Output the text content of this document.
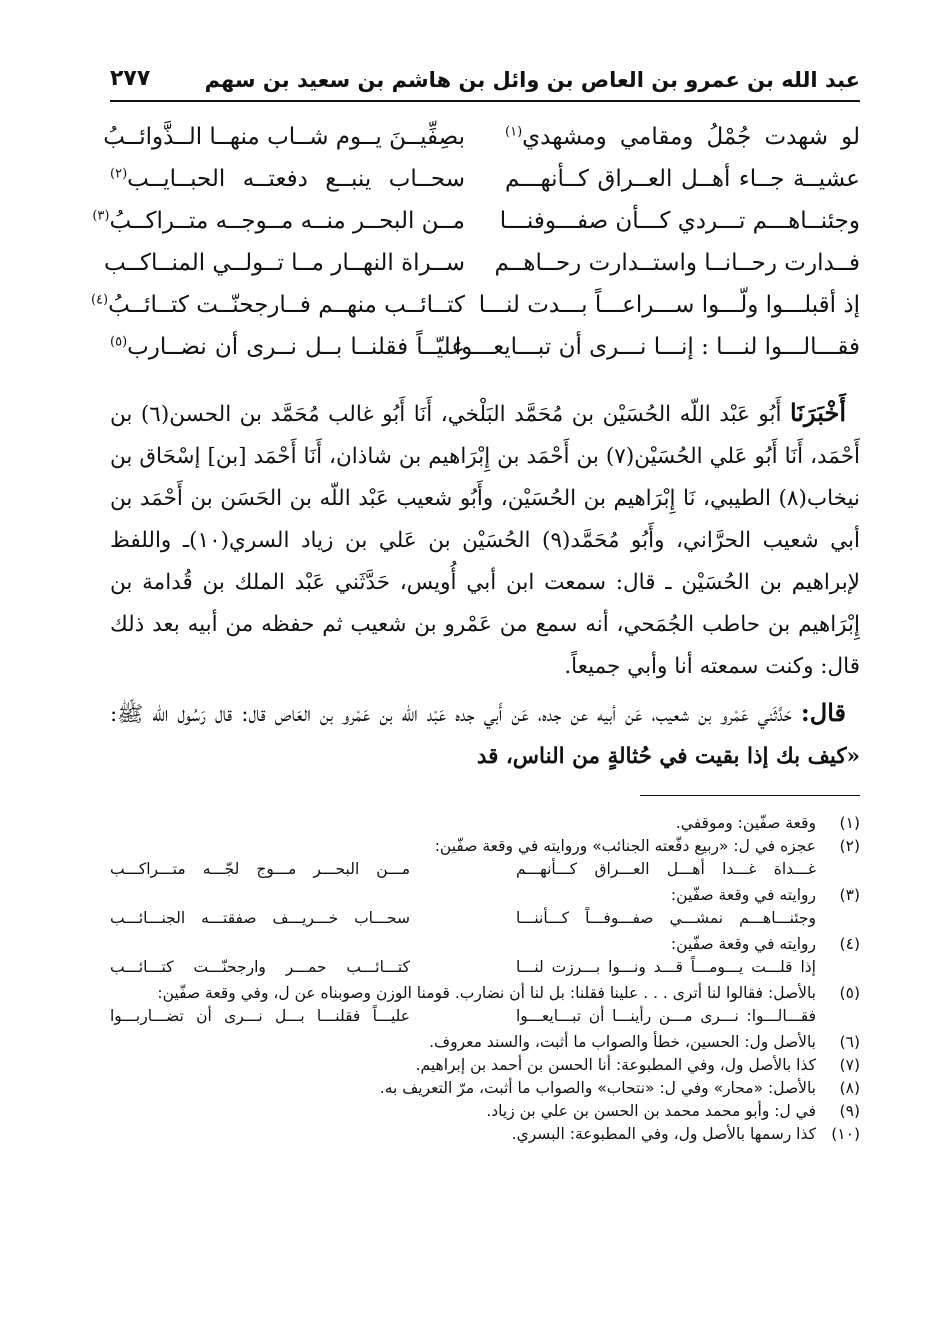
عبد الله بن عمرو بن العاص بن وائل بن هاشم بن سعيد بن سهم
٢٧٧
لو شهدت جُمْلُ ومقامي ومشهدي$^{(١)}$
بصِفِّيــنَ يــوم شــاب منهــا الــذَّوائــبُ
عشيــة جــاء أهــل العــراق كــأنهـــم
سحــاب ينبــع دفعتــه الحبــايــب$^{(٢)}$
وجئنــاهـــم تـــردي كـــأن صفـــوفنـــا
مــن البحــر منــه مــوجــه متــراكــبُ$^{(٣)}$
فــدارت رحــانــا واستــدارت رحــاهــم
ســراة النهــار مــا تــولــي المنــاكــب
إذ أقبلـــوا ولّـــوا ســـراعـــاً بـــدت لنـــا
كتــائــب منهــم فــارجحنّــت كتــائــبُ$^{(٤)}$
فقـــالـــوا لنـــا : إنـــا نـــرى أن تبـــايعـــوا
عليّــاً فقلنــا بــل نــرى أن نضــارب$^{(٥)}$

أَخْبَرَنَا أَبُو عَبْد اللّه الحُسَيْن بن مُحَمَّد البَلْخي، أَنَا أَبُو غالب مُحَمَّد بن الحسن(٦) بن أَحْمَد، أَنَا أَبُو عَلي الحُسَيْن(٧) بن أَحْمَد بن إِبْرَاهيم بن شاذان، أَنَا أَحْمَد [بن] إسْحَاق بن نيخاب(٨) الطيبي، نَا إِبْرَاهيم بن الحُسَيْن، وأَبُو شعيب عَبْد اللّه بن الحَسَن بن أَحْمَد بن أبي شعيب الحرَّاني، وأَبُو مُحَمَّد(٩) الحُسَيْن بن عَلي بن زياد السري(١٠)ـ واللفظ لإبراهيم بن الحُسَيْن ـ قال: سمعت ابن أبي أُويس، حَدَّثَني عَبْد الملك بن قُدامة بن إِبْرَاهيم بن حاطب الجُمَحي، أنه سمع من عَمْرو بن شعيب ثم حفظه من أبيه بعد ذلك قال: وكنت سمعته أنا وأبي جميعاً.

قال: حَدَّثَني عَمْرو بن شعيب، عَن أبيه عن جده، عَن أَبي جده عَبْد اللّه بن عَمْرو بن العَاص قال: قال رَسُول الله ﷺ: «كيف بك إذا بقيت في حُثالةٍ من الناس، قد

(١)
وقعة صفّين: وموقفي.
(٢)
عجزه في ل: «ربيع دفّعته الجنائب» وروايته في وقعة صفّين:
غـــداة غـــدا أهـــل العـــراق كـــأنهـــم
مـــن البحـــر مـــوج لجّـــه متـــراكـــب
(٣)
روايته في وقعة صفّين:
وجئنـــاهـــم نمشـــي صفـــوفـــاً كـــأننـــا
سحـــاب خـــريـــف صفقتـــه الجنـــائـــب
(٤)
روايته في وقعة صفّين:
إذا قلـــت يـــومـــاً قـــد ونـــوا بـــرزت لنـــا
كتـــائـــب حمـــر وارجحنّـــت كتـــائـــب
(٥)
بالأصل: فقالوا لنا أترى . . . علينا فقلنا: بل لنا أن نضارب. قومنا الوزن وصوبناه عن ل، وفي وقعة صفّين:
فقـــالـــوا: نـــرى مـــن رأينـــا أن تبـــايعـــوا
عليـــاً فقلنـــا بـــل نـــرى أن تضـــاربـــوا
(٦)
بالأصل ول: الحسين، خطأ والصواب ما أثبت، والسند معروف.
(٧)
كذا بالأصل ول، وفي المطبوعة: أنا الحسن بن أحمد بن إبراهيم.
(٨)
بالأصل: «محار» وفي ل: «نتحاب» والصواب ما أثبت، مرّ التعريف به.
(٩)
في ل: وأبو محمد محمد بن الحسن بن علي بن زياد.
(١٠)
كذا رسمها بالأصل ول، وفي المطبوعة: البسري.
